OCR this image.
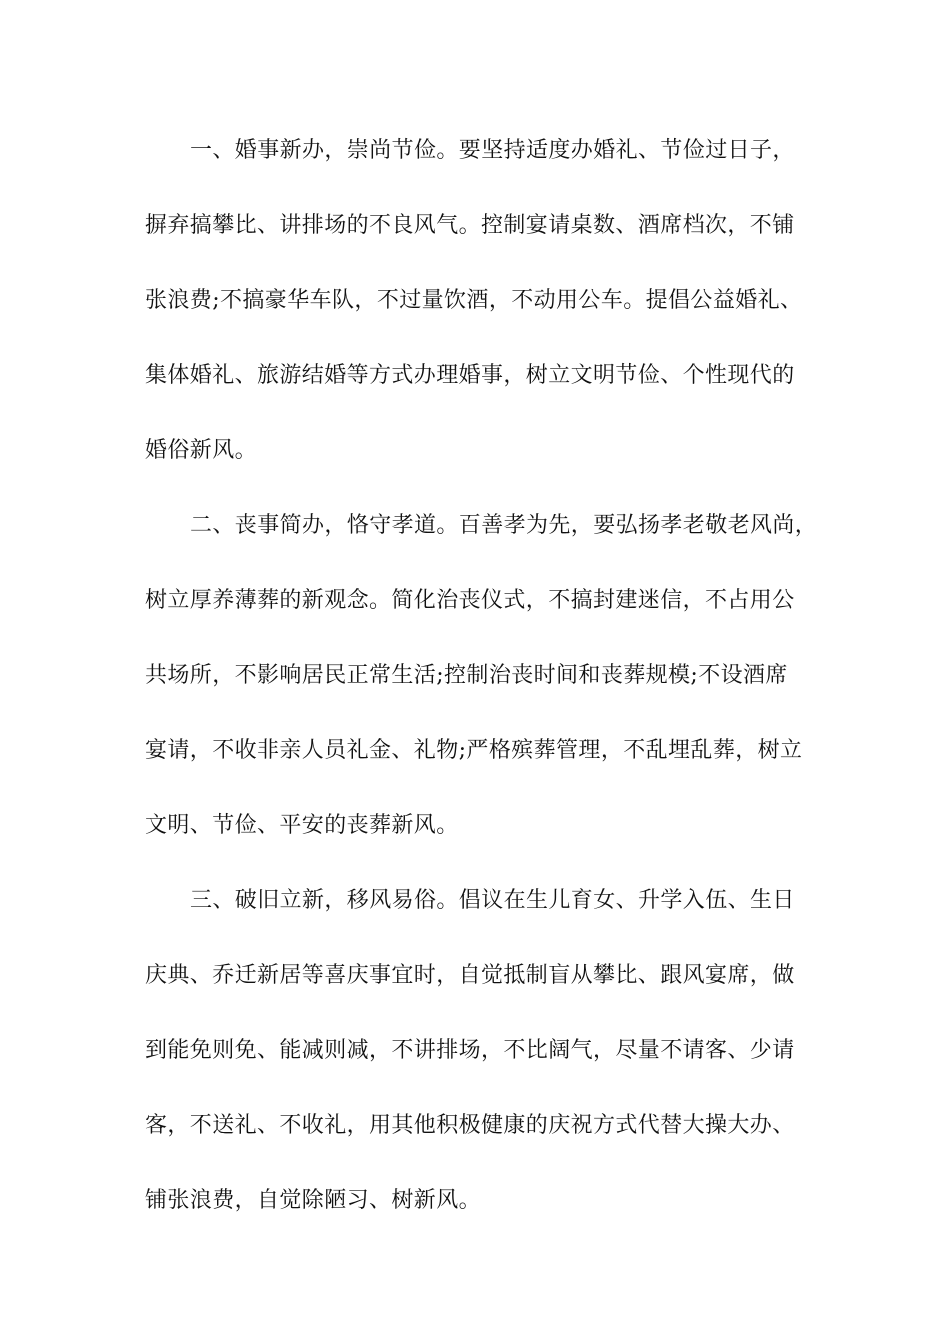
一、婚事新办，崇尚节俭。要坚持适度办婚礼、节俭过日子，
摒弃搞攀比、讲排场的不良风气。控制宴请桌数、酒席档次，不铺
张浪费;不搞豪华车队，不过量饮酒，不动用公车。提倡公益婚礼、
集体婚礼、旅游结婚等方式办理婚事，树立文明节俭、个性现代的
婚俗新风。
二、丧事简办，恪守孝道。百善孝为先，要弘扬孝老敬老风尚，
树立厚养薄葬的新观念。简化治丧仪式，不搞封建迷信，不占用公
共场所，不影响居民正常生活;控制治丧时间和丧葬规模;不设酒席
宴请，不收非亲人员礼金、礼物;严格殡葬管理，不乱埋乱葬，树立
文明、节俭、平安的丧葬新风。
三、破旧立新，移风易俗。倡议在生儿育女、升学入伍、生日
庆典、乔迁新居等喜庆事宜时，自觉抵制盲从攀比、跟风宴席，做
到能免则免、能减则减，不讲排场，不比阔气，尽量不请客、少请
客，不送礼、不收礼，用其他积极健康的庆祝方式代替大操大办、
铺张浪费，自觉除陋习、树新风。
